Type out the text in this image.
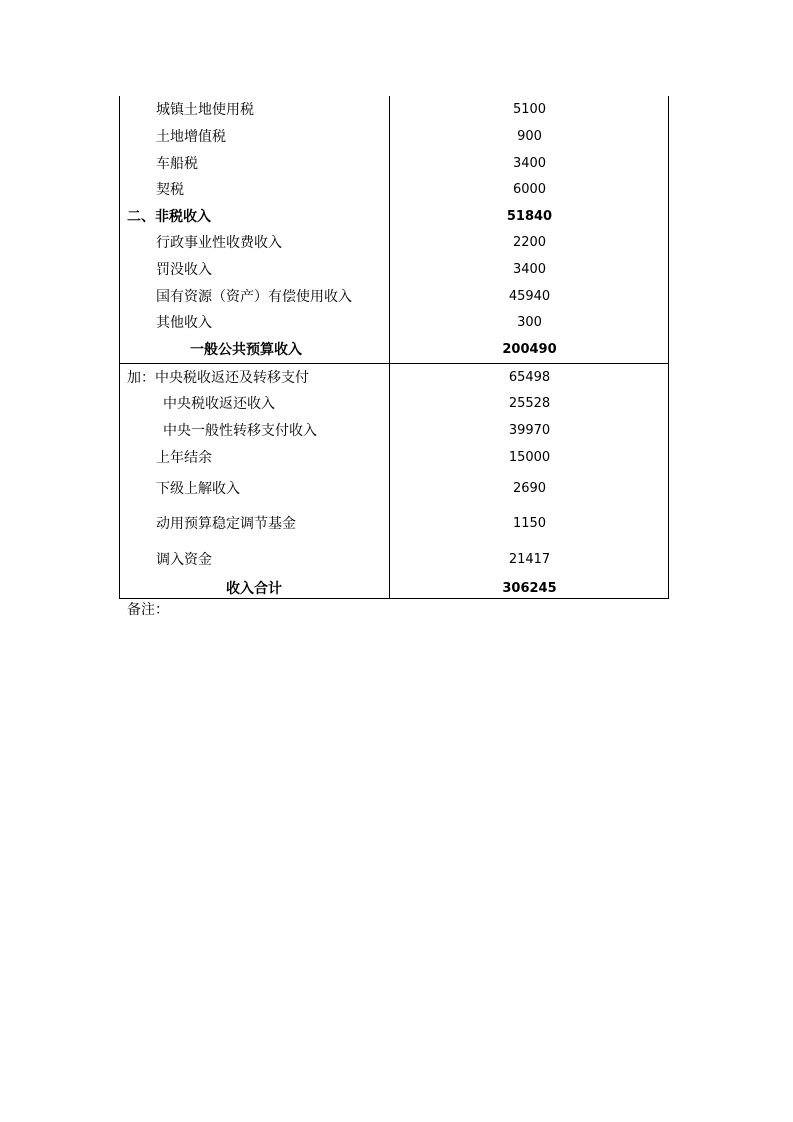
城镇土地使用税	5100
土地增值税	900
车船税	3400
契税	6000
二、非税收入	51840
行政事业性收费收入	2200
罚没收入	3400
国有资源（资产）有偿使用收入	45940
其他收入	300
一般公共预算收入	200490
加：中央税收返还及转移支付	65498
中央税收返还收入	25528
中央一般性转移支付收入	39970
上年结余	15000
下级上解收入	2690
动用预算稳定调节基金	1150
调入资金	21417
收入合计	306245
备注：
